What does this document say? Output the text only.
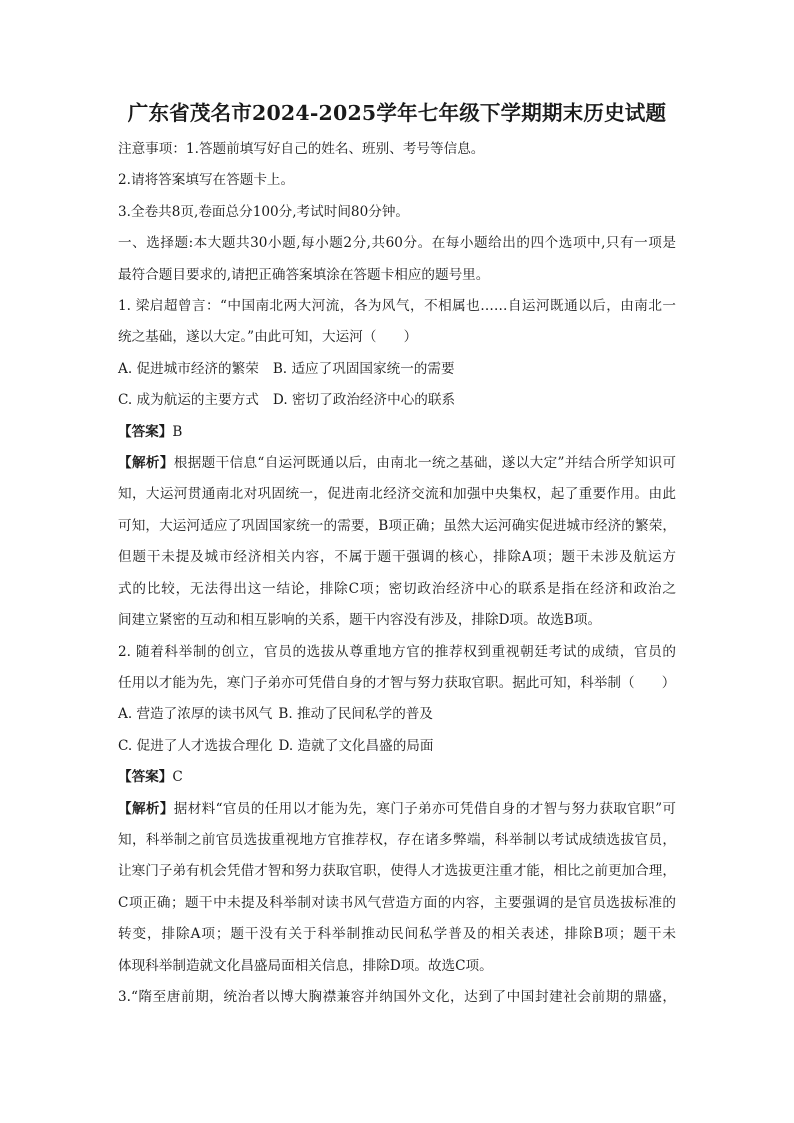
广东省茂名市2024-2025学年七年级下学期期末历史试题

注意事项：1.答题前填写好自己的姓名、班别、考号等信息。

2.请将答案填写在答题卡上。

3.全卷共8页,卷面总分100分,考试时间80分钟。

一、选择题:本大题共30小题,每小题2分,共60分。在每小题给出的四个选项中,只有一项是

最符合题目要求的,请把正确答案填涂在答题卡相应的题号里。

1. 梁启超曾言：“中国南北两大河流，各为风气，不相属也……自运河既通以后，由南北一

统之基础，遂以大定。”由此可知，大运河（　　）

A. 促进城市经济的繁荣 B. 适应了巩固国家统一的需要

C. 成为航运的主要方式 D. 密切了政治经济中心的联系

【答案】B

【解析】根据题干信息“自运河既通以后，由南北一统之基础，遂以大定”并结合所学知识可

知，大运河贯通南北对巩固统一，促进南北经济交流和加强中央集权，起了重要作用。由此

可知，大运河适应了巩固国家统一的需要，B项正确；虽然大运河确实促进城市经济的繁荣，

但题干未提及城市经济相关内容，不属于题干强调的核心，排除A项；题干未涉及航运方

式的比较，无法得出这一结论，排除C项；密切政治经济中心的联系是指在经济和政治之

间建立紧密的互动和相互影响的关系，题干内容没有涉及，排除D项。故选B项。

2. 随着科举制的创立，官员的选拔从尊重地方官的推荐权到重视朝廷考试的成绩，官员的

任用以才能为先，寒门子弟亦可凭借自身的才智与努力获取官职。据此可知，科举制（　　）

A. 营造了浓厚的读书风气 B. 推动了民间私学的普及

C. 促进了人才选拔合理化 D. 造就了文化昌盛的局面

【答案】C

【解析】据材料“官员的任用以才能为先，寒门子弟亦可凭借自身的才智与努力获取官职”可

知，科举制之前官员选拔重视地方官推荐权，存在诸多弊端，科举制以考试成绩选拔官员，

让寒门子弟有机会凭借才智和努力获取官职，使得人才选拔更注重才能，相比之前更加合理，

C项正确；题干中未提及科举制对读书风气营造方面的内容，主要强调的是官员选拔标准的

转变，排除A项；题干没有关于科举制推动民间私学普及的相关表述，排除B项；题干未

体现科举制造就文化昌盛局面相关信息，排除D项。故选C项。

3.“隋至唐前期，统治者以博大胸襟兼容并纳国外文化，达到了中国封建社会前期的鼎盛，
